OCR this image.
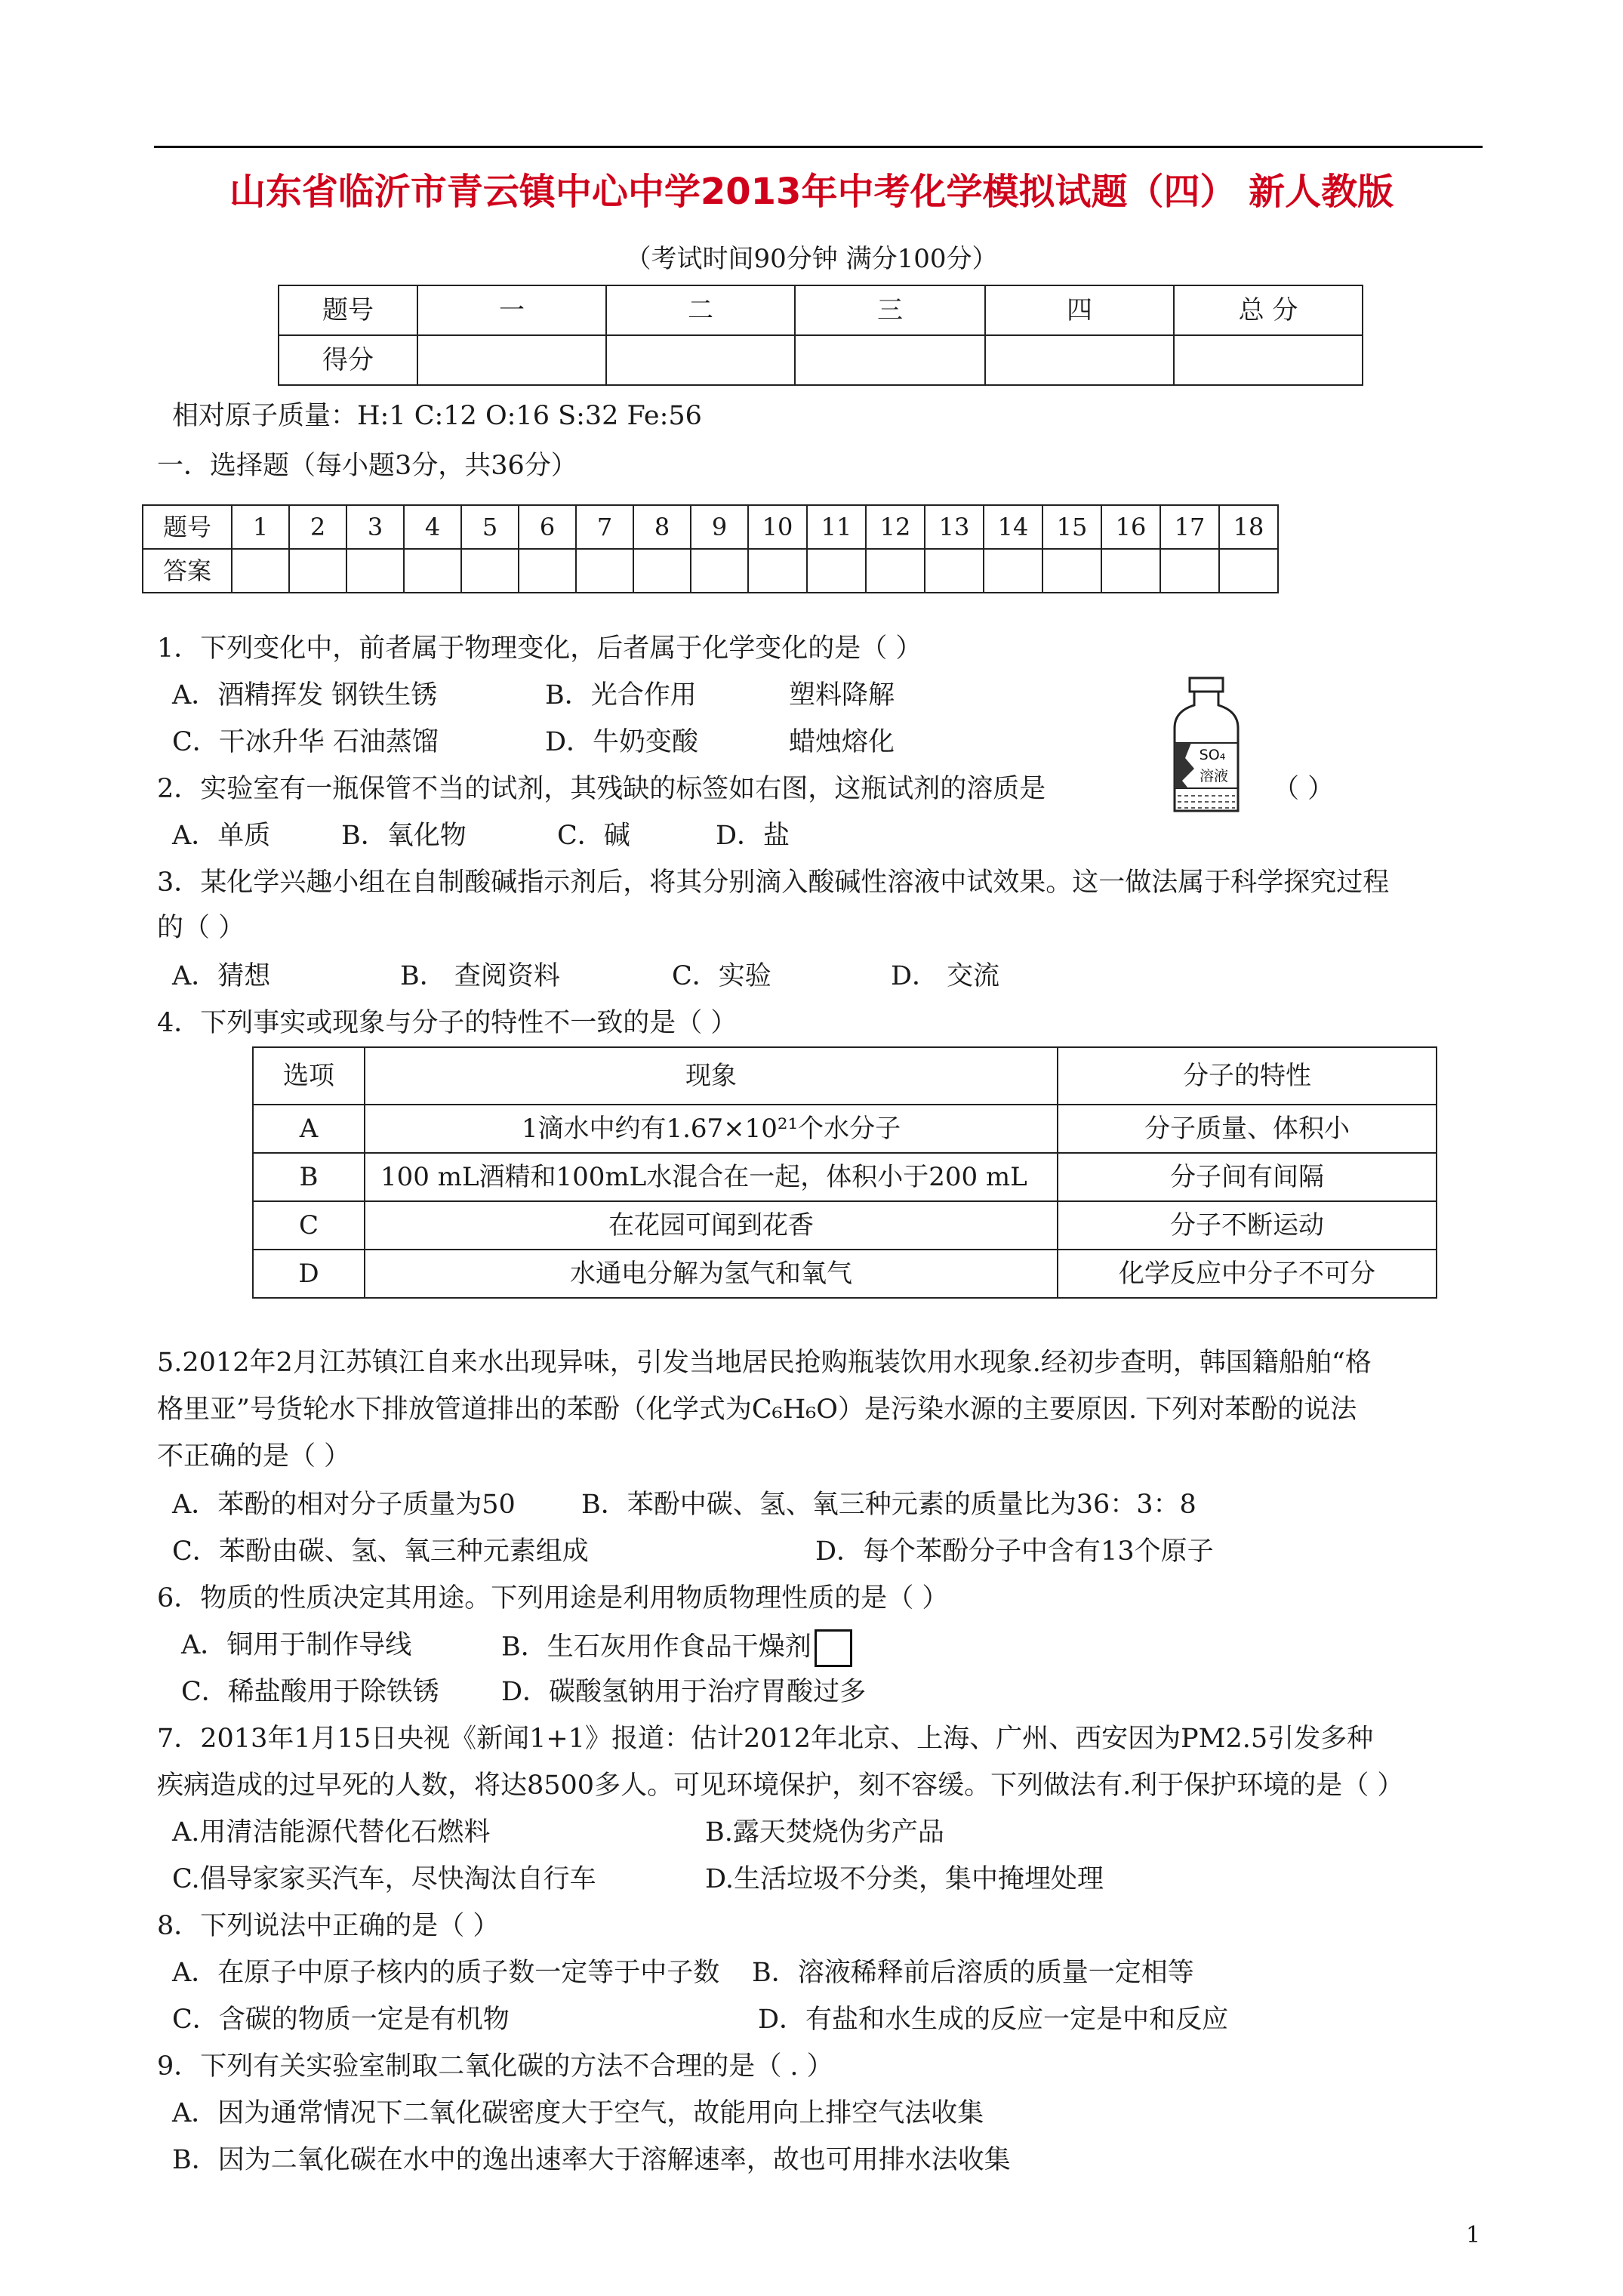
山东省临沂市青云镇中心中学2013年中考化学模拟试题（四） 新人教版
（考试时间90分钟 满分100分）
题号	一	二	三	四	总 分
得分					
相对原子质量：H:1 C:12 O:16 S:32 Fe:56
一．选择题（每小题3分，共36分）
题号	1	2	3	4	5	6	7	8	9	10	11	12	13	14	15	16	17	18
答案																		
1．下列变化中，前者属于物理变化，后者属于化学变化的是（ ）
A．酒精挥发 钢铁生锈	B．光合作用	塑料降解
C．干冰升华 石油蒸馏	D．牛奶变酸	蜡烛熔化	SO₄
溶液
2．实验室有一瓶保管不当的试剂，其残缺的标签如右图，这瓶试剂的溶质是	（ ）
A．单质	B．氧化物	C．碱	D．盐
3．某化学兴趣小组在自制酸碱指示剂后，将其分别滴入酸碱性溶液中试效果。这一做法属于科学探究过程
的（ ）
A．猜想	B． 查阅资料	C．实验	D． 交流
4．下列事实或现象与分子的特性不一致的是（ ）
选项	现象	分子的特性
A	1滴水中约有1.67×10²¹个水分子	分子质量、体积小
B	100 mL酒精和100mL水混合在一起，体积小于200 mL	分子间有间隔
C	在花园可闻到花香	分子不断运动
D	水通电分解为氢气和氧气	化学反应中分子不可分
5.2012年2月江苏镇江自来水出现异味，引发当地居民抢购瓶装饮用水现象.经初步查明，韩国籍船舶“格
格里亚”号货轮水下排放管道排出的苯酚（化学式为C₆H₆O）是污染水源的主要原因. 下列对苯酚的说法
不正确的是（ ）
A．苯酚的相对分子质量为50 B．苯酚中碳、氢、氧三种元素的质量比为36：3：8
C．苯酚由碳、氢、氧三种元素组成	D．每个苯酚分子中含有13个原子
6．物质的性质决定其用途。下列用途是利用物质物理性质的是（ ）
A．铜用于制作导线	B．生石灰用作食品干燥剂
C．稀盐酸用于除铁锈 D．碳酸氢钠用于治疗胃酸过多
7．2013年1月15日央视《新闻1+1》报道：估计2012年北京、上海、广州、西安因为PM2.5引发多种
疾病造成的过早死的人数，将达8500多人。可见环境保护，刻不容缓。下列做法有.利于保护环境的是（ ）
A.用清洁能源代替化石燃料	B.露天焚烧伪劣产品
C.倡导家家买汽车，尽快淘汰自行车	D.生活垃圾不分类，集中掩埋处理
8．下列说法中正确的是（ ）
A．在原子中原子核内的质子数一定等于中子数 B．溶液稀释前后溶质的质量一定相等
C．含碳的物质一定是有机物	D．有盐和水生成的反应一定是中和反应
9．下列有关实验室制取二氧化碳的方法不合理的是（ . ）
A．因为通常情况下二氧化碳密度大于空气，故能用向上排空气法收集
B．因为二氧化碳在水中的逸出速率大于溶解速率，故也可用排水法收集
1
